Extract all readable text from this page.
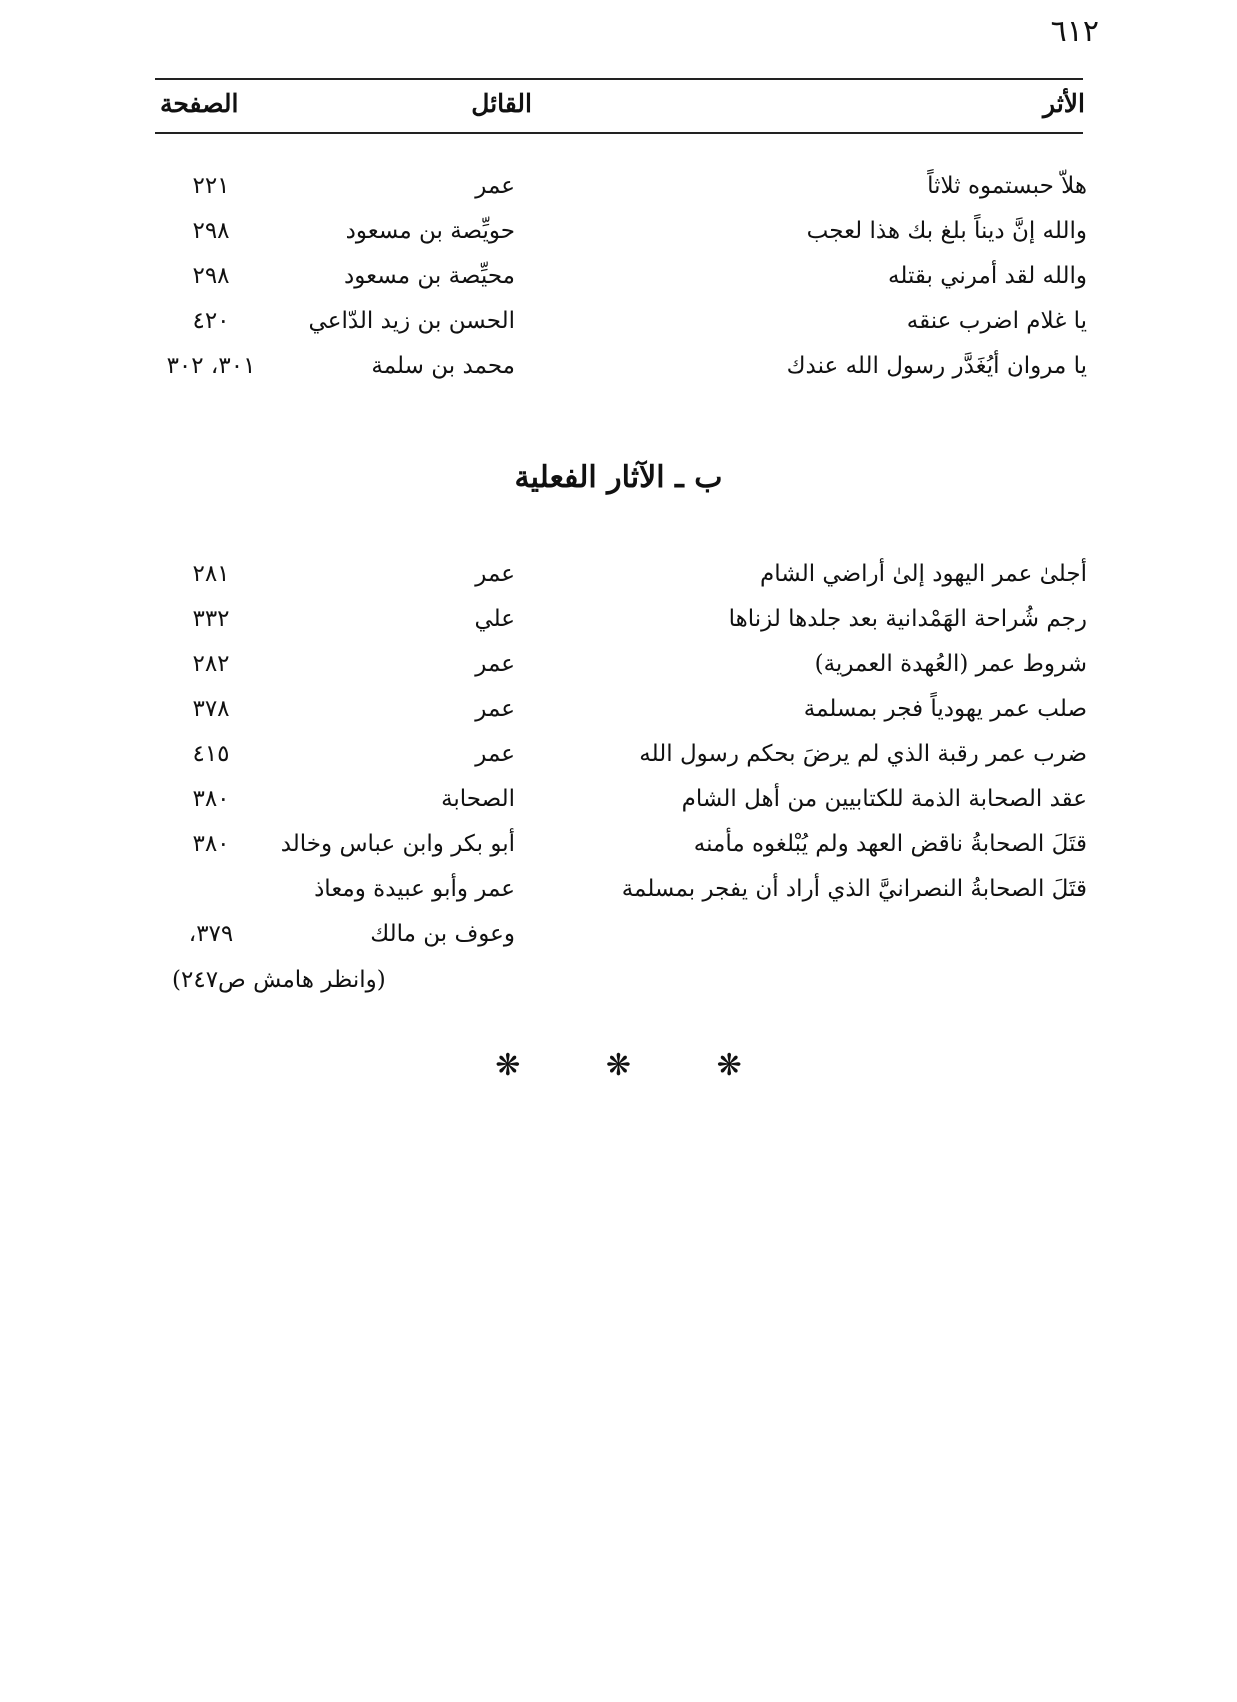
٦١٢
الأثر
القائل
الصفحة
هلاّ حبستموه ثلاثاً
عمر
٢٢١
والله إنَّ ديناً بلغ بك هذا لعجب
حويِّصة بن مسعود
٢٩٨
والله لقد أمرني بقتله
محيِّصة بن مسعود
٢٩٨
يا غلام اضرب عنقه
الحسن بن زيد الدّاعي
٤٢٠
يا مروان أيُغَدَّر رسول الله عندك
محمد بن سلمة
٣٠١، ٣٠٢
ب ـ الآثار الفعلية
أجلىٰ عمر اليهود إلىٰ أراضي الشام
عمر
٢٨١
رجم شُراحة الهَمْدانية بعد جلدها لزناها
علي
٣٣٢
شروط عمر (العُهدة العمرية)
عمر
٢٨٢
صلب عمر يهودياً فجر بمسلمة
عمر
٣٧٨
ضرب عمر رقبة الذي لم يرضَ بحكم رسول الله
عمر
٤١٥
عقد الصحابة الذمة للكتابيين من أهل الشام
الصحابة
٣٨٠
قتَلَ الصحابةُ ناقض العهد ولم يُبْلغوه مأمنه
أبو بكر وابن عباس وخالد
٣٨٠
قتَلَ الصحابةُ النصرانيَّ الذي أراد أن يفجر بمسلمة
عمر وأبو عبيدة ومعاذ
وعوف بن مالك
٣٧٩،
(وانظر هامش ص٢٤٧)
❋	❋	❋
